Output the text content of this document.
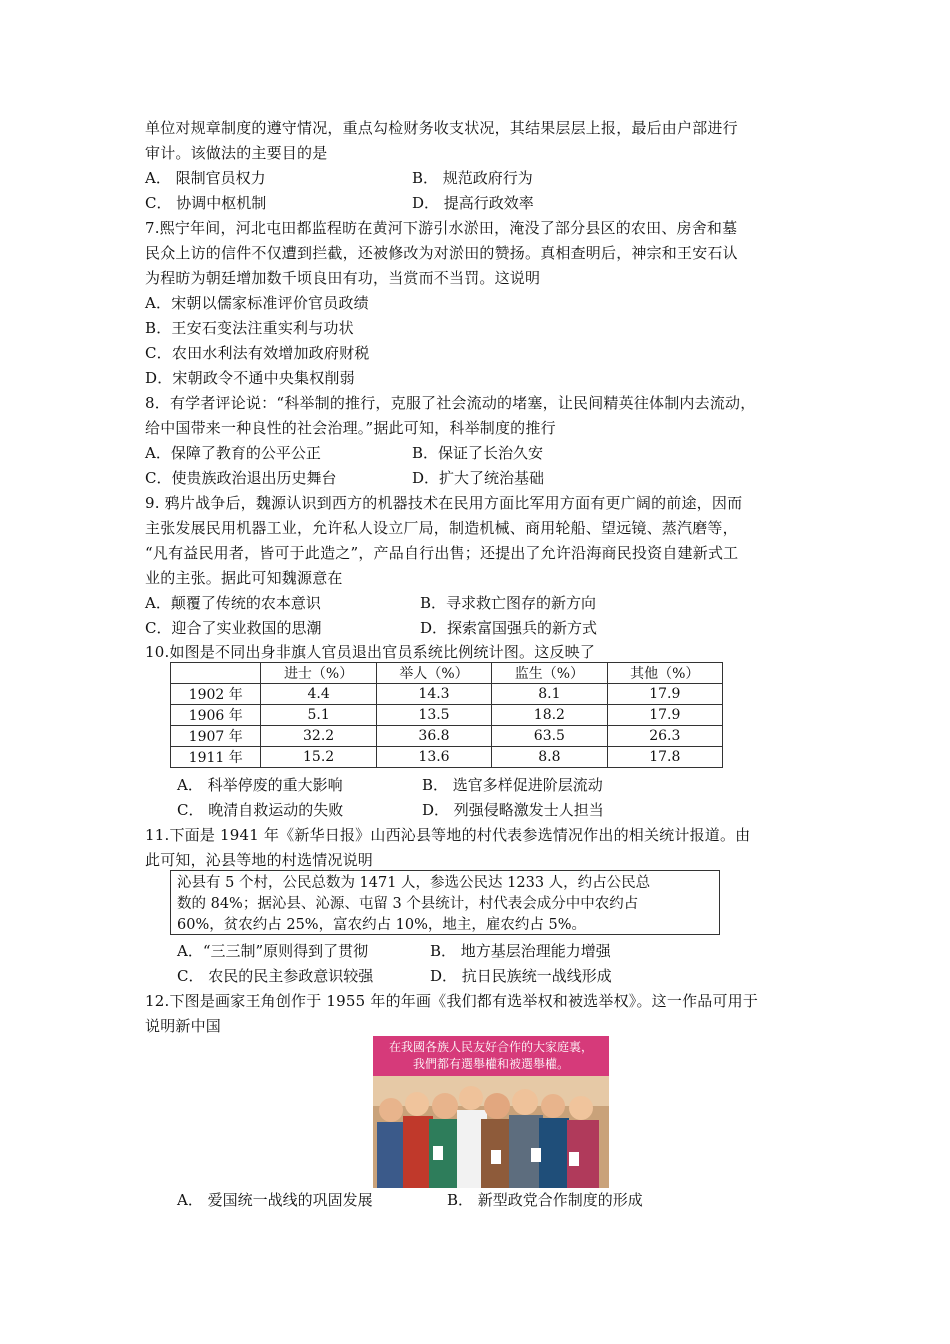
单位对规章制度的遵守情况，重点勾检财务收支状况，其结果层层上报，最后由户部进行
审计。该做法的主要目的是
A． 限制官员权力	B． 规范政府行为
C． 协调中枢机制	D． 提高行政效率
7.熙宁年间，河北屯田都监程昉在黄河下游引水淤田，淹没了部分县区的农田、房舍和墓
民众上访的信件不仅遭到拦截，还被修改为对淤田的赞扬。真相查明后，神宗和王安石认
为程昉为朝廷增加数千顷良田有功，当赏而不当罚。这说明
A．宋朝以儒家标准评价官员政绩
B．王安石变法注重实利与功状
C．农田水利法有效增加政府财税
D．宋朝政令不通中央集权削弱
8．有学者评论说：“科举制的推行，克服了社会流动的堵塞，让民间精英往体制内去流动，
给中国带来一种良性的社会治理。”据此可知，科举制度的推行
A．保障了教育的公平公正	B．保证了长治久安
C．使贵族政治退出历史舞台	D．扩大了统治基础
9. 鸦片战争后，魏源认识到西方的机器技术在民用方面比军用方面有更广阔的前途，因而
主张发展民用机器工业，允许私人设立厂局，制造机械、商用轮船、望远镜、蒸汽磨等，
“凡有益民用者，皆可于此造之”，产品自行出售；还提出了允许沿海商民投资自建新式工
业的主张。据此可知魏源意在
A．颠覆了传统的农本意识	B．寻求救亡图存的新方向
C．迎合了实业救国的思潮	D．探索富国强兵的新方式
10.如图是不同出身非旗人官员退出官员系统比例统计图。这反映了
	进士（%）	举人（%）	监生（%）	其他（%）
1902 年	4.4	14.3	8.1	17.9
1906 年	5.1	13.5	18.2	17.9
1907 年	32.2	36.8	63.5	26.3
1911 年	15.2	13.6	8.8	17.8
A． 科举停废的重大影响	B． 选官多样促进阶层流动
C． 晚清自救运动的失败	D． 列强侵略激发士人担当
11.下面是 1941 年《新华日报》山西沁县等地的村代表参选情况作出的相关统计报道。由
此可知，沁县等地的村选情况说明
沁县有 5 个村，公民总数为 1471 人，参选公民达 1233 人，约占公民总
数的 84%；据沁县、沁源、屯留 3 个县统计，村代表会成分中中农约占
60%，贫农约占 25%，富农约占 10%，地主，雇农约占 5%。
A．“三三制”原则得到了贯彻	B． 地方基层治理能力增强
C． 农民的民主参政意识较强	D． 抗日民族统一战线形成
12.下图是画家王角创作于 1955 年的年画《我们都有选举权和被选举权》。这一作品可用于
说明新中国
在我國各族人民友好合作的大家庭裏，
我們都有選舉權和被選舉權。
A． 爱国统一战线的巩固发展	B． 新型政党合作制度的形成
